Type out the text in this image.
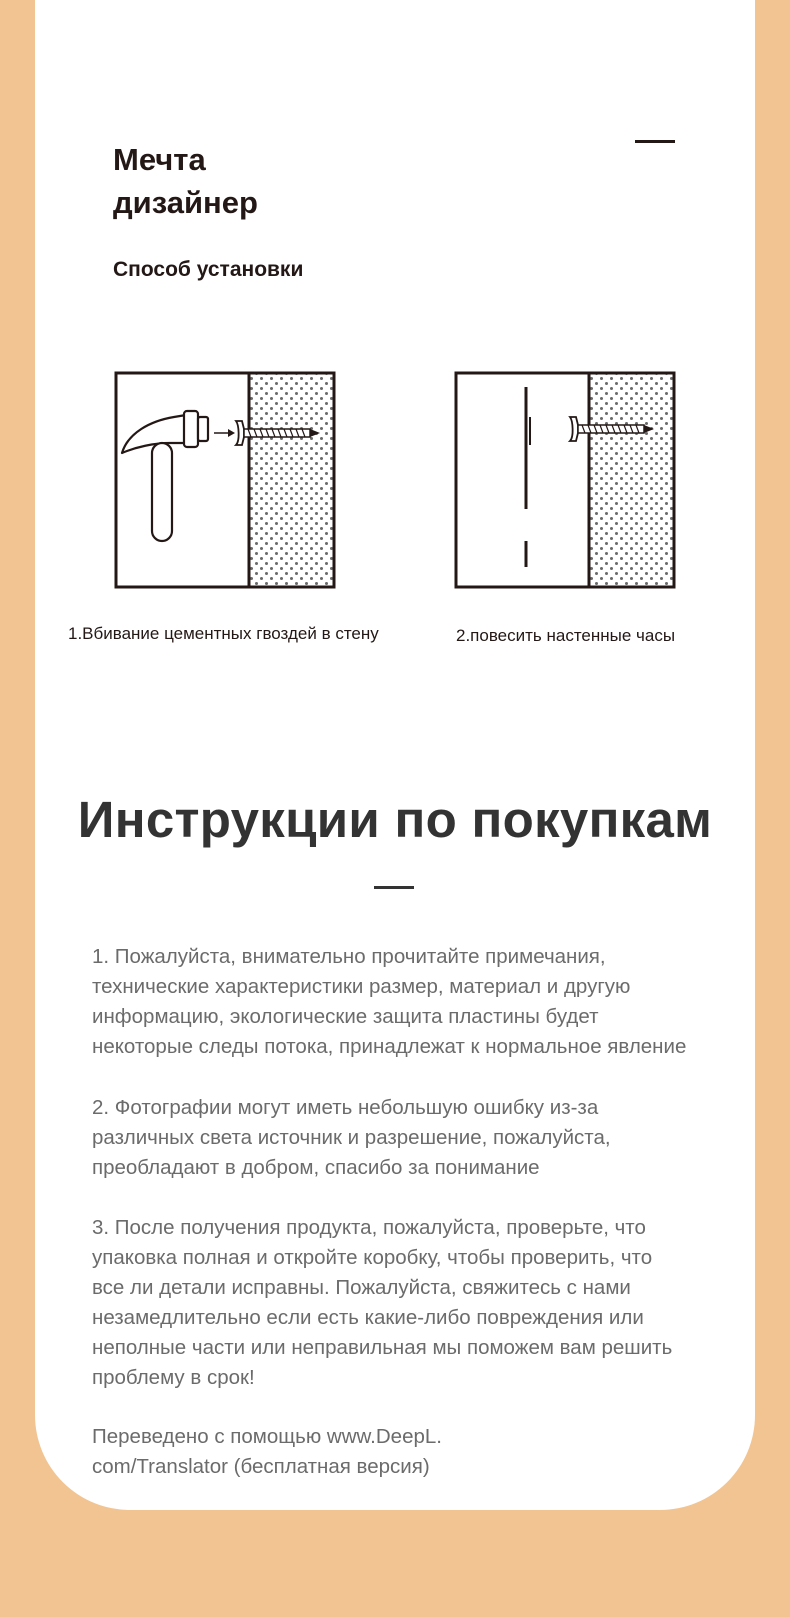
Мечта
дизайнер
Способ установки
1.Вбивание цементных гвоздей в стену	2.повесить настенные часы
Инструкции по покупкам

1. Пожалуйста, внимательно прочитайте примечания,
технические характеристики размер, материал и другую
информацию, экологические защита пластины будет
некоторые следы потока, принадлежат к нормальное явление

2. Фотографии могут иметь небольшую ошибку из-за
различных света источник и разрешение, пожалуйста,
преобладают в добром, спасибо за понимание

3. После получения продукта, пожалуйста, проверьте, что
упаковка полная и откройте коробку, чтобы проверить, что
все ли детали исправны. Пожалуйста, свяжитесь с нами
незамедлительно если есть какие-либо повреждения или
неполные части или неправильная мы поможем вам решить
проблему в срок!

Переведено с помощью www.DeepL.
com/Translator (бесплатная версия)
